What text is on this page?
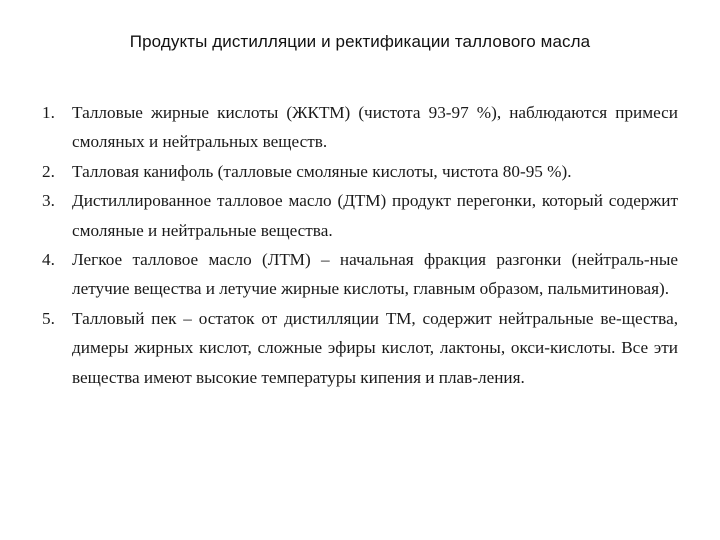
Продукты дистилляции и ректификации таллового масла
1. Талловые жирные кислоты (ЖКТМ) (чистота 93-97 %), наблюдаются примеси смоляных и нейтральных веществ.
2. Талловая канифоль (талловые смоляные кислоты, чистота 80-95 %).
3. Дистиллированное талловое масло (ДТМ) продукт перегонки, который содержит смоляные и нейтральные вещества.
4. Легкое талловое масло (ЛТМ) – начальная фракция разгонки (нейтраль-ные летучие вещества и летучие жирные кислоты, главным образом, пальмитиновая).
5. Талловый пек – остаток от дистилляции ТМ, содержит нейтральные ве-щества, димеры жирных кислот, сложные эфиры кислот, лактоны, окси-кислоты. Все эти вещества имеют высокие температуры кипения и плав-ления.
